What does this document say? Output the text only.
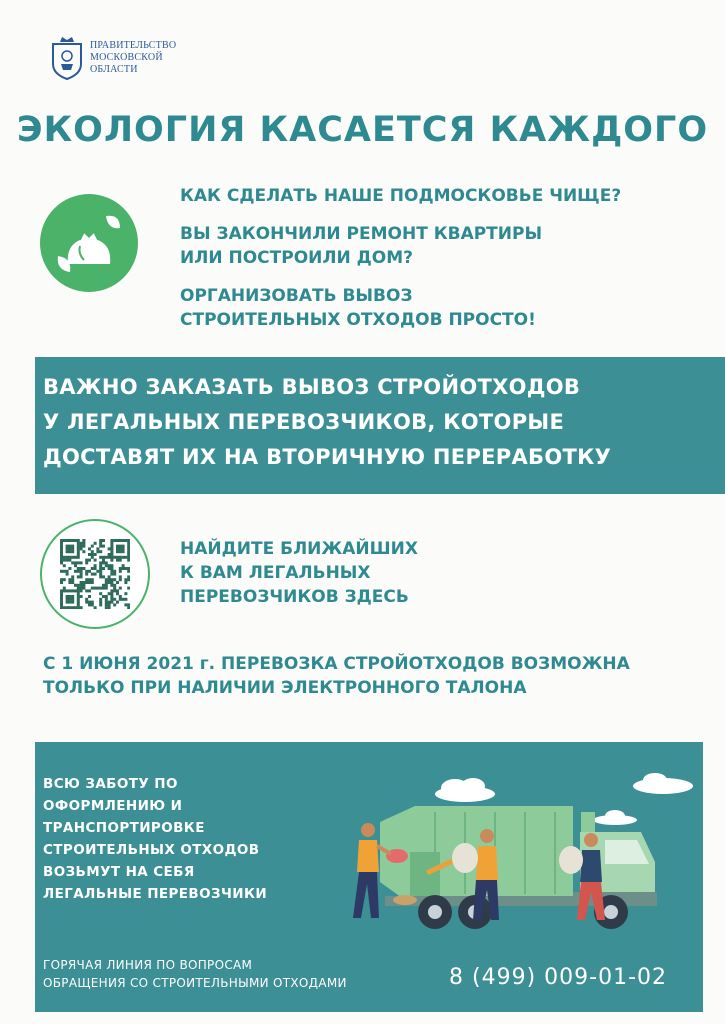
ПРАВИТЕЛЬСТВО
МОСКОВСКОЙ
ОБЛАСТИ
ЭКОЛОГИЯ КАСАЕТСЯ КАЖДОГО

КАК СДЕЛАТЬ НАШЕ ПОДМОСКОВЬЕ ЧИЩЕ?

ВЫ ЗАКОНЧИЛИ РЕМОНТ КВАРТИРЫ
ИЛИ ПОСТРОИЛИ ДОМ?

ОРГАНИЗОВАТЬ ВЫВОЗ
СТРОИТЕЛЬНЫХ ОТХОДОВ ПРОСТО!

ВАЖНО ЗАКАЗАТЬ ВЫВОЗ СТРОЙОТХОДОВ
У ЛЕГАЛЬНЫХ ПЕРЕВОЗЧИКОВ, КОТОРЫЕ
ДОСТАВЯТ ИХ НА ВТОРИЧНУЮ ПЕРЕРАБОТКУ
НАЙДИТЕ БЛИЖАЙШИХ
К ВАМ ЛЕГАЛЬНЫХ
ПЕРЕВОЗЧИКОВ ЗДЕСЬ
С 1 ИЮНЯ 2021 г. ПЕРЕВОЗКА СТРОЙОТХОДОВ ВОЗМОЖНА
ТОЛЬКО ПРИ НАЛИЧИИ ЭЛЕКТРОННОГО ТАЛОНА
ВСЮ ЗАБОТУ ПО
ОФОРМЛЕНИЮ И
ТРАНСПОРТИРОВКЕ
СТРОИТЕЛЬНЫХ ОТХОДОВ
ВОЗЬМУТ НА СЕБЯ
ЛЕГАЛЬНЫЕ ПЕРЕВОЗЧИКИ
ГОРЯЧАЯ ЛИНИЯ ПО ВОПРОСАМ
ОБРАЩЕНИЯ СО СТРОИТЕЛЬНЫМИ ОТХОДАМИ	8 (499) 009-01-02
